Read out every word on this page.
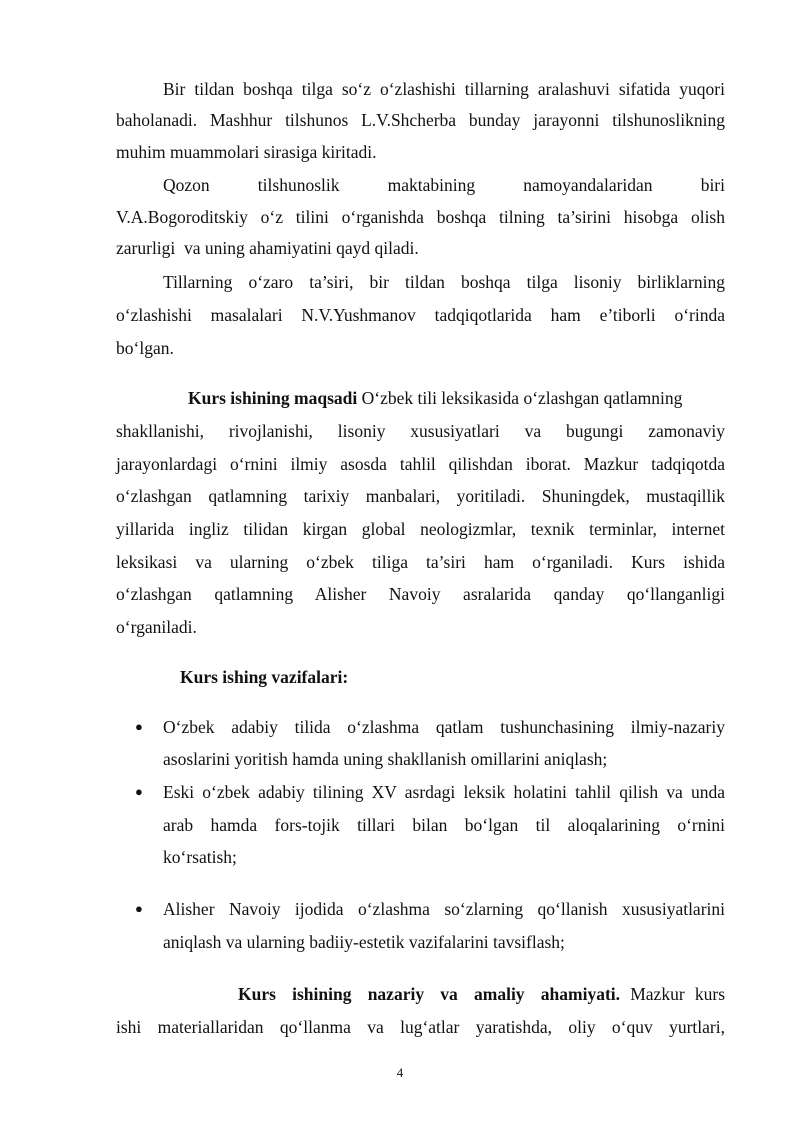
Bir tildan boshqa tilga so‘z o‘zlashishi tillarning aralashuvi sifatida yuqori
baholanadi. Mashhur tilshunos L.V.Shcherba bunday jarayonni tilshunoslikning
muhim muammolari sirasiga kiritadi.
Qozon tilshunoslik maktabining namoyandalaridan biri
V.A.Bogoroditskiy o‘z tilini o‘rganishda boshqa tilning ta’sirini hisobga olish
zarurligi  va uning ahamiyatini qayd qiladi.
Tillarning o‘zaro ta’siri, bir tildan boshqa tilga lisoniy birliklarning
o‘zlashishi masalalari N.V.Yushmanov tadqiqotlarida ham e’tiborli o‘rinda
bo‘lgan.
Kurs ishining maqsadi O‘zbek tili leksikasida o‘zlashgan qatlamning
shakllanishi, rivojlanishi, lisoniy xususiyatlari va bugungi zamonaviy
jarayonlardagi o‘rnini ilmiy asosda tahlil qilishdan iborat. Mazkur tadqiqotda
o‘zlashgan qatlamning tarixiy manbalari, yoritiladi. Shuningdek, mustaqillik
yillarida ingliz tilidan kirgan global neologizmlar, texnik terminlar, internet
leksikasi va ularning o‘zbek tiliga ta’siri ham o‘rganiladi. Kurs ishida
o‘zlashgan qatlamning Alisher Navoiy asralarida qanday qo‘llanganligi
o‘rganiladi.
Kurs ishing vazifalari:
● O‘zbek adabiy tilida o‘zlashma qatlam tushunchasining ilmiy-nazariy
asoslarini yoritish hamda uning shakllanish omillarini aniqlash;
● Eski o‘zbek adabiy tilining XV asrdagi leksik holatini tahlil qilish va unda
arab hamda fors-tojik tillari bilan bo‘lgan til aloqalarining o‘rnini
ko‘rsatish;
● Alisher Navoiy ijodida o‘zlashma so‘zlarning qo‘llanish xususiyatlarini
aniqlash va ularning badiiy-estetik vazifalarini tavsiflash;
Kurs ishining nazariy va amaliy ahamiyati. Mazkur kurs
ishi materiallaridan qo‘llanma va lug‘atlar yaratishda, oliy o‘quv yurtlari,
4
